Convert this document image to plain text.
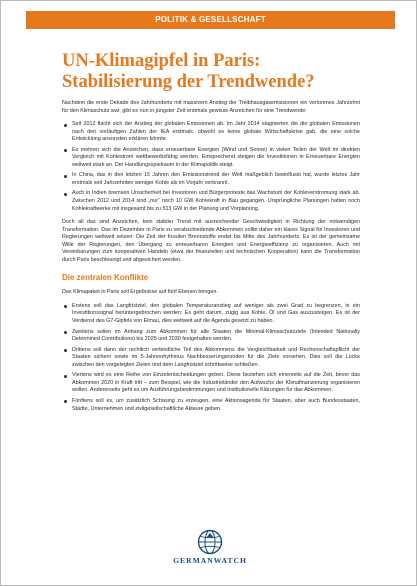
POLITIK & GESELLSCHAFT
UN-Klimagipfel in Paris:
Stabilisierung der Trendwende?

Nachdem die erste Dekade des Jahrhunderts mit massivem Anstieg der Treibhausgasemissionen ein verlorenes Jahrzehnt für den Klimaschutz war, gibt es nun in jüngster Zeit erstmals gewisse Anzeichen für eine Trendwende:

Seit 2012 flacht sich der Anstieg der globalen Emissionen ab. Im Jahr 2014 stagnierten die die globalen Emissionen nach den vorläufigen Zahlen der IEA erstmals, obwohl es keine globale Wirtschaftskrise gab, die eine solche Entwicklung ansonsten erklären könnte.
Es mehren sich die Anzeichen, dass erneuerbare Energien (Wind und Sonne) in vielen Teilen der Welt im direkten Vergleich mit Kohlestrom wettbewerbsfähig werden. Entsprechend steigen die Investitionen in Erneuerbare Energien weltweit stark an. Der Handlungsspielraum in der Klimapolitik steigt.
In China, das in den letzten 15 Jahren den Emissionstrend der Welt maßgeblich beeinflusst hat, wurde letztes Jahr erstmals seit Jahrzehnten weniger Kohle als im Vorjahr verbrannt.
Auch in Indien bremsen Unsicherheit bei Investoren und Bürgerproteste das Wachstum der Kohleverstromung stark ab. Zwischen 2012 und 2014 sind „nur“ noch 10 GW Kohlekraft in Bau gegangen. Ursprüngliche Planungen hatten noch Kohlekraftwerke mit insgesamt bis zu 513 GW in der Planung und Vorplanung.

Doch all das sind Anzeichen, kein stabiler Trend mit ausreichender Geschwindigkeit in Richtung der notwendigen Transformation. Das im Dezember in Paris zu verabschiedende Abkommen sollte daher ein klares Signal für Investoren und Regierungen weltweit setzen: Die Zeit der fossilen Brennstoffe endet bis Mitte des Jahrhunderts. Es ist der gemeinsame Wille der Regierungen, den Übergang zu erneuerbaren Energien und Energieeffizienz zu organisieren. Auch mit Vereinbarungen zum kooperativen Handeln (etwa der finanziellen und technischen Kooperation) kann die Transformation durch Paris beschleunigt und abgesichert werden.

Die zentralen Konflikte

Das Klimapaket in Paris soll Ergebnisse auf fünf Ebenen bringen.

Erstens soll das Langfristziel, den globalen Temperaturanstieg auf weniger als zwei Grad zu begrenzen, in ein Investitionssignal heruntergebrochen werden: Es geht darum, zügig aus Kohle, Öl und Gas auszusteigen. Es ist der Verdienst des G7-Gipfels von Elmau, dies weltweit auf die Agenda gesetzt zu haben.
Zweitens sollen im Anhang zum Abkommen für alle Staaten die Minimal-Klimaschutzziele (Intended Nationally Determined Contributions) bis 2025 und 2030 festgehalten werden.
Drittens soll dann der rechtlich verbindliche Teil des Abkommens die Vergleichbarkeit und Rechenschaftspflicht der Staaten sichern sowie im 5-Jahresrhythmus Nachbesserungsrunden für die Ziele vorsehen. Dies soll die Lücke zwischen den vorgelegten Zielen und dem Langfristziel schrittweise schließen.
Viertens wird es eine Reihe von Einzelentscheidungen geben. Diese beziehen sich einerseits auf die Zeit, bevor das Abkommen 2020 in Kraft tritt – zum Beispiel, wie die Industrieländer den Aufwuchs der Klimafinanzierung organisieren wollen. Andererseits geht es um Ausführungsbestimmungen und Institutionelle Klärungen für das Abkommen.
Fünftens soll es, um zusätzlich Schwung zu erzeugen, eine Aktionsagenda für Staaten, aber auch Bundesstaaten, Städte, Unternehmen und zivilgesellschaftliche Akteure geben.
GERMANWATCH
